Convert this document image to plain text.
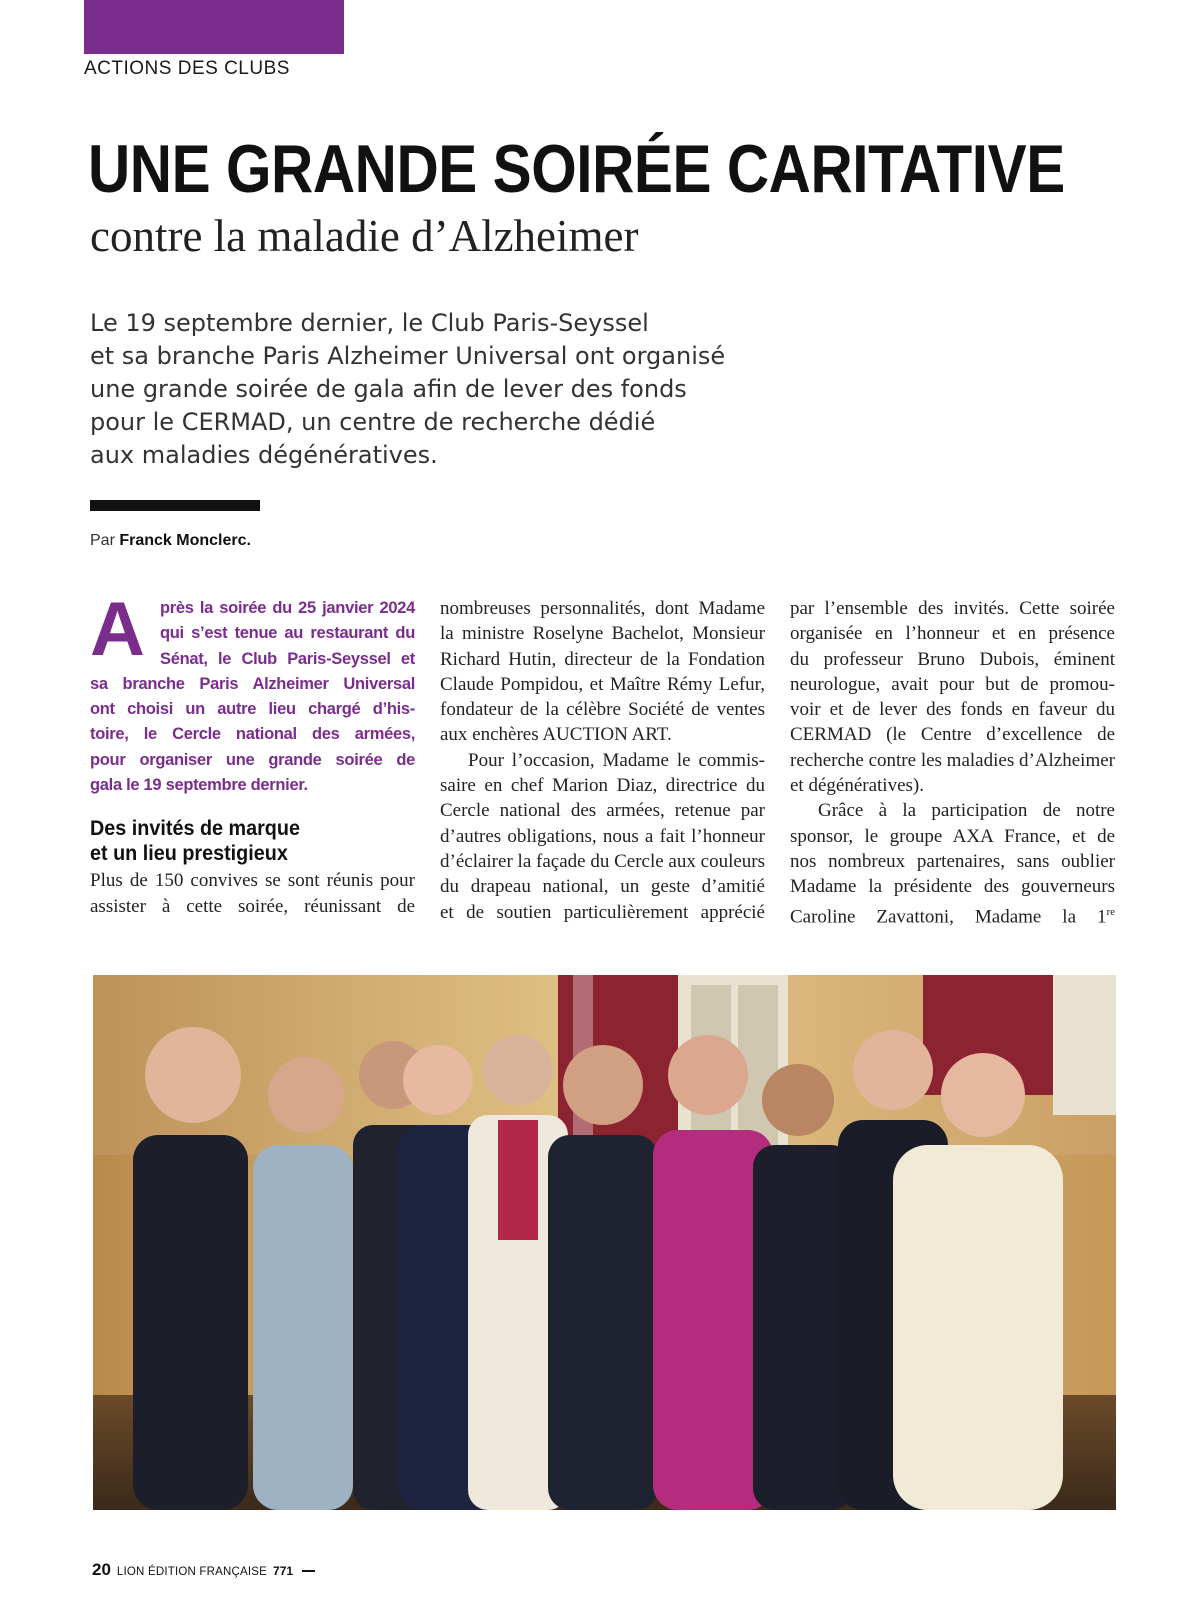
ACTIONS DES CLUBS
UNE GRANDE SOIRÉE CARITATIVE
contre la maladie d’Alzheimer
Le 19 septembre dernier, le Club Paris-Seyssel
et sa branche Paris Alzheimer Universal ont organisé
une grande soirée de gala afin de lever des fonds
pour le CERMAD, un centre de recherche dédié
aux maladies dégénératives.
Par Franck Monclerc.
A près la soirée du 25 janvier 2024
qui s’est tenue au restaurant du
Sénat, le Club Paris-Seyssel et
sa branche Paris Alzheimer Universal
ont choisi un autre lieu chargé d’his-
toire, le Cercle national des armées,
pour organiser une grande soirée de
gala le 19 septembre dernier.
Des invités de marque
et un lieu prestigieux
Plus de 150 convives se sont réunis pour
assister à cette soirée, réunissant de
nombreuses personnalités, dont Madame
la ministre Roselyne Bachelot, Monsieur
Richard Hutin, directeur de la Fondation
Claude Pompidou, et Maître Rémy Lefur,
fondateur de la célèbre Société de ventes
aux enchères AUCTION ART.
Pour l’occasion, Madame le commis-
saire en chef Marion Diaz, directrice du
Cercle national des armées, retenue par
d’autres obligations, nous a fait l’honneur
d’éclairer la façade du Cercle aux couleurs
du drapeau national, un geste d’amitié
et de soutien particulièrement apprécié
par l’ensemble des invités. Cette soirée
organisée en l’honneur et en présence
du professeur Bruno Dubois, éminent
neurologue, avait pour but de promou-
voir et de lever des fonds en faveur du
CERMAD (le Centre d’excellence de
recherche contre les maladies d’Alzheimer
et dégénératives).
Grâce à la participation de notre
sponsor, le groupe AXA France, et de
nos nombreux partenaires, sans oublier
Madame la présidente des gouverneurs
Caroline Zavattoni, Madame la 1re
20 LION ÉDITION FRANÇAISE 771
